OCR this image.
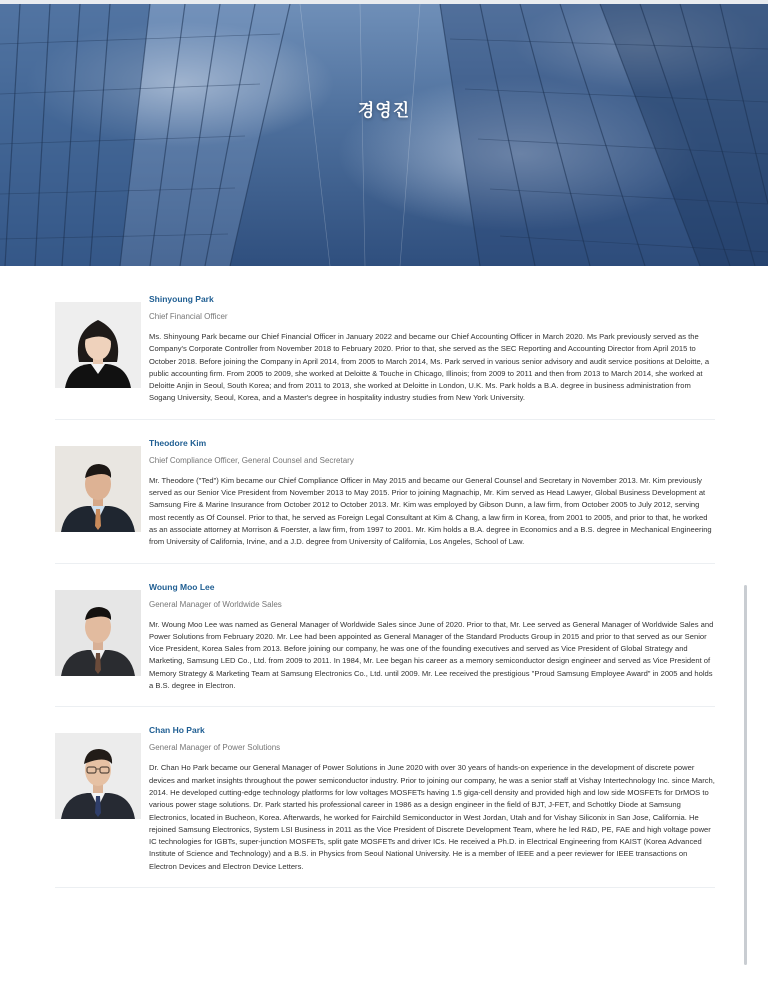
경영진
Shinyoung Park
Chief Financial Officer
Ms. Shinyoung Park became our Chief Financial Officer in January 2022 and became our Chief Accounting Officer in March 2020. Ms Park previously served as the Company's Corporate Controller from November 2018 to February 2020. Prior to that, she served as the SEC Reporting and Accounting Director from April 2015 to October 2018. Before joining the Company in April 2014, from 2005 to March 2014, Ms. Park served in various senior advisory and audit service positions at Deloitte, a public accounting firm. From 2005 to 2009, she worked at Deloitte & Touche in Chicago, Illinois; from 2009 to 2011 and then from 2013 to March 2014, she worked at Deloitte Anjin in Seoul, South Korea; and from 2011 to 2013, she worked at Deloitte in London, U.K. Ms. Park holds a B.A. degree in business administration from Sogang University, Seoul, Korea, and a Master's degree in hospitality industry studies from New York University.
Theodore Kim
Chief Compliance Officer, General Counsel and Secretary
Mr. Theodore ("Ted") Kim became our Chief Compliance Officer in May 2015 and became our General Counsel and Secretary in November 2013. Mr. Kim previously served as our Senior Vice President from November 2013 to May 2015. Prior to joining Magnachip, Mr. Kim served as Head Lawyer, Global Business Development at Samsung Fire & Marine Insurance from October 2012 to October 2013. Mr. Kim was employed by Gibson Dunn, a law firm, from October 2005 to July 2012, serving most recently as Of Counsel. Prior to that, he served as Foreign Legal Consultant at Kim & Chang, a law firm in Korea, from 2001 to 2005, and prior to that, he worked as an associate attorney at Morrison & Foerster, a law firm, from 1997 to 2001. Mr. Kim holds a B.A. degree in Economics and a B.S. degree in Mechanical Engineering from University of California, Irvine, and a J.D. degree from University of California, Los Angeles, School of Law.
Woung Moo Lee
General Manager of Worldwide Sales
Mr. Woung Moo Lee was named as General Manager of Worldwide Sales since June of 2020. Prior to that, Mr. Lee served as General Manager of Worldwide Sales and Power Solutions from February 2020. Mr. Lee had been appointed as General Manager of the Standard Products Group in 2015 and prior to that served as our Senior Vice President, Korea Sales from 2013. Before joining our company, he was one of the founding executives and served as Vice President of Global Strategy and Marketing, Samsung LED Co., Ltd. from 2009 to 2011. In 1984, Mr. Lee began his career as a memory semiconductor design engineer and served as Vice President of Memory Strategy & Marketing Team at Samsung Electronics Co., Ltd. until 2009. Mr. Lee received the prestigious "Proud Samsung Employee Award" in 2005 and holds a B.S. degree in Electron.
Chan Ho Park
General Manager of Power Solutions
Dr. Chan Ho Park became our General Manager of Power Solutions in June 2020 with over 30 years of hands-on experience in the development of discrete power devices and market insights throughout the power semiconductor industry. Prior to joining our company, he was a senior staff at Vishay Intertechnology Inc. since March, 2014. He developed cutting-edge technology platforms for low voltages MOSFETs having 1.5 giga-cell density and provided high and low side MOSFETs for DrMOS to various power stage solutions. Dr. Park started his professional career in 1986 as a design engineer in the field of BJT, J-FET, and Schottky Diode at Samsung Electronics, located in Bucheon, Korea. Afterwards, he worked for Fairchild Semiconductor in West Jordan, Utah and for Vishay Siliconix in San Jose, California. He rejoined Samsung Electronics, System LSI Business in 2011 as the Vice President of Discrete Development Team, where he led R&D, PE, FAE and high voltage power IC technologies for IGBTs, super-junction MOSFETs, split gate MOSFETs and driver ICs. He received a Ph.D. in Electrical Engineering from KAIST (Korea Advanced Institute of Science and Technology) and a B.S. in Physics from Seoul National University. He is a member of IEEE and a peer reviewer for IEEE transactions on Electron Devices and Electron Device Letters.
